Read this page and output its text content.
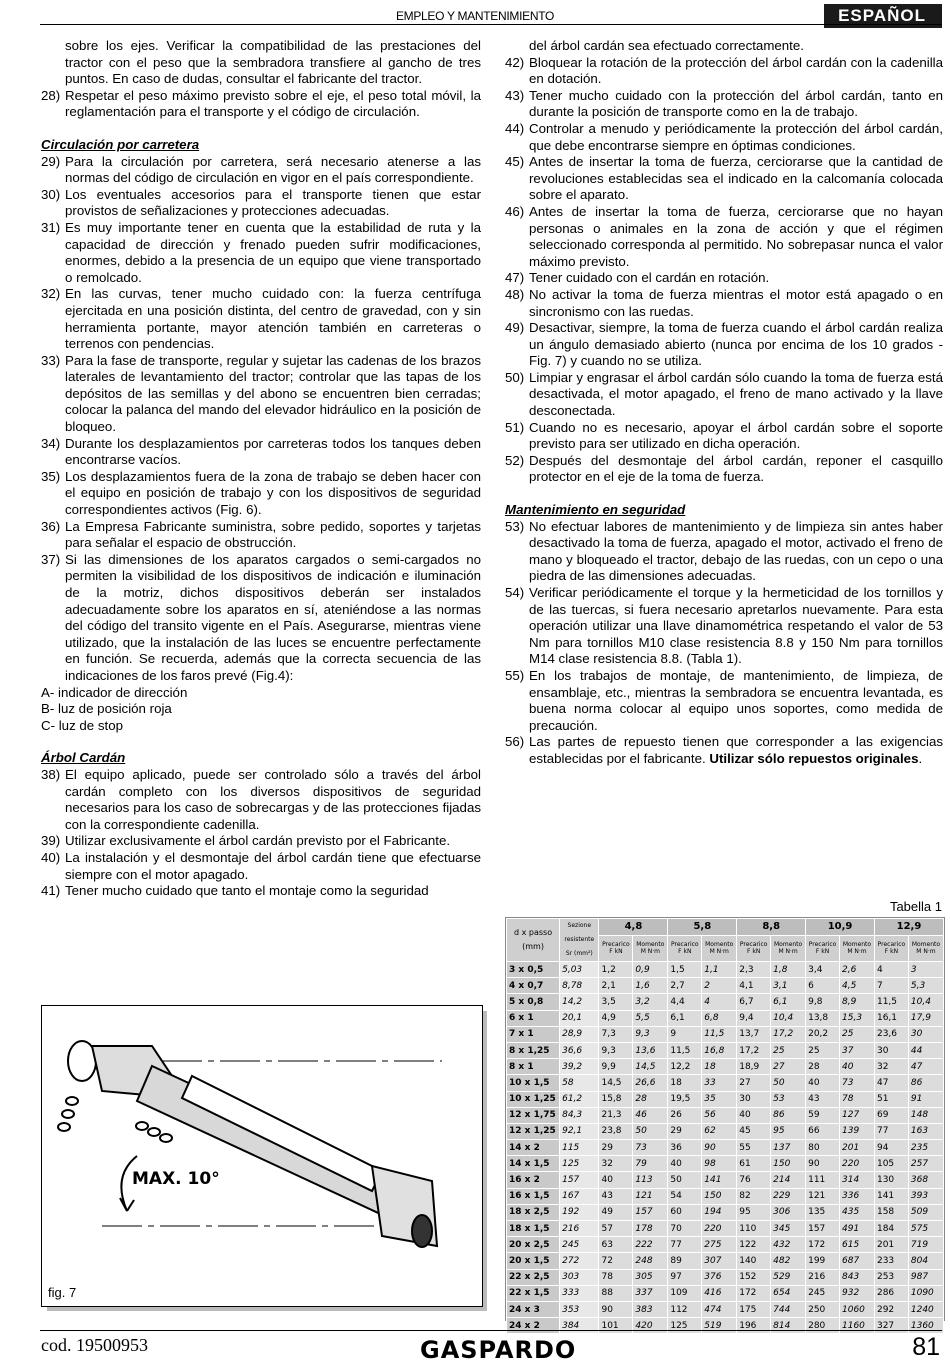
EMPLEO Y MANTENIMIENTO	ESPAÑOL
sobre los ejes. Verificar la compatibilidad de las prestaciones del tractor con el peso que la sembradora transfiere al gancho de tres puntos. En caso de dudas, consultar el fabricante del tractor.
28) Respetar el peso máximo previsto sobre el eje, el peso total móvil, la reglamentación para el transporte y el código de circulación.
Circulación por carretera
29) Para la circulación por carretera, será necesario atenerse a las normas del código de circulación en vigor en el país correspondiente.
30) Los eventuales accesorios para el transporte tienen que estar provistos de señalizaciones y protecciones adecuadas.
31) Es muy importante tener en cuenta que la estabilidad de ruta y la capacidad de dirección y frenado pueden sufrir modificaciones, enormes, debido a la presencia de un equipo que viene transportado o remolcado.
32) En las curvas, tener mucho cuidado con: la fuerza centrífuga ejercitada en una posición distinta, del centro de gravedad, con y sin herramienta portante, mayor atención también en carreteras o terrenos con pendencias.
33) Para la fase de transporte, regular y sujetar las cadenas de los brazos laterales de levantamiento del tractor; controlar que las tapas de los depósitos de las semillas y del abono se encuentren bien cerradas; colocar la palanca del mando del elevador hidráulico en la posición de bloqueo.
34) Durante los desplazamientos por carreteras todos los tanques deben encontrarse vacíos.
35) Los desplazamientos fuera de la zona de trabajo se deben hacer con el equipo en posición de trabajo y con los dispositivos de seguridad correspondientes activos (Fig. 6).
36) La Empresa Fabricante suministra, sobre pedido, soportes y tarjetas para señalar el espacio de obstrucción.
37) Si las dimensiones de los aparatos cargados o semi-cargados no permiten la visibilidad de los dispositivos de indicación e iluminación de la motriz, dichos dispositivos deberán ser instalados adecuadamente sobre los aparatos en sí, ateniéndose a las normas del código del transito vigente en el País. Asegurarse, mientras viene utilizado, que la instalación de las luces se encuentre perfectamente en función. Se recuerda, además que la correcta secuencia de las indicaciones de los faros prevé (Fig.4):
A- indicador de dirección
B- luz de posición roja
C- luz de stop
Árbol Cardán
38) El equipo aplicado, puede ser controlado sólo a través del árbol cardán completo con los diversos dispositivos de seguridad necesarios para los caso de sobrecargas y de las protecciones fijadas con la correspondiente cadenilla.
39) Utilizar exclusivamente el árbol cardán previsto por el Fabricante.
40) La instalación y el desmontaje del árbol cardán tiene que efectuarse siempre con el motor apagado.
41) Tener mucho cuidado que tanto el montaje como la seguridad
del árbol cardán sea efectuado correctamente.
42) Bloquear la rotación de la protección del árbol cardán con la cadenilla en dotación.
43) Tener mucho cuidado con la protección del árbol cardán, tanto en durante la posición de transporte como en la de trabajo.
44) Controlar a menudo y periódicamente la protección del árbol cardán, que debe encontrarse siempre en óptimas condiciones.
45) Antes de insertar la toma de fuerza, cerciorarse que la cantidad de revoluciones establecidas sea el indicado en la calcomanía colocada sobre el aparato.
46) Antes de insertar la toma de fuerza, cerciorarse que no hayan personas o animales en la zona de acción y que el régimen seleccionado corresponda al permitido. No sobrepasar nunca el valor máximo previsto.
47) Tener cuidado con el cardán en rotación.
48) No activar la toma de fuerza mientras el motor está apagado o en sincronismo con las ruedas.
49) Desactivar, siempre, la toma de fuerza cuando el árbol cardán realiza un ángulo demasiado abierto (nunca por encima de los 10 grados - Fig. 7) y cuando no se utiliza.
50) Limpiar y engrasar el árbol cardán sólo cuando la toma de fuerza está desactivada, el motor apagado, el freno de mano activado y la llave desconectada.
51) Cuando no es necesario, apoyar el árbol cardán sobre el soporte previsto para ser utilizado en dicha operación.
52) Después del desmontaje del árbol cardán, reponer el casquillo protector en el eje de la toma de fuerza.
Mantenimiento en seguridad
53) No efectuar labores de mantenimiento y de limpieza sin antes haber desactivado la toma de fuerza, apagado el motor, activado el freno de mano y bloqueado el tractor, debajo de las ruedas, con un cepo o una piedra de las dimensiones adecuadas.
54) Verificar periódicamente el torque y la hermeticidad de los tornillos y de las tuercas, si fuera necesario apretarlos nuevamente. Para esta operación utilizar una llave dinamométrica respetando el valor de 53 Nm para tornillos M10 clase resistencia 8.8 y 150 Nm para tornillos M14 clase resistencia 8.8. (Tabla 1).
55) En los trabajos de montaje, de mantenimiento, de limpieza, de ensamblaje, etc., mientras la sembradora se encuentra levantada, es buena norma colocar al equipo unos soportes, como medida de precaución.
56) Las partes de repuesto tienen que corresponder a las exigencias establecidas por el fabricante. Utilizar sólo repuestos originales.
MAX. 10°
fig. 7
Tabella 1
d x passo (mm)	Sezione resistente Sr (mm²)	4,8		5,8		8,8		10,9		12,9	
		Precarico F kN	Momento M N·m	Precarico F kN	Momento M N·m	Precarico F kN	Momento M N·m	Precarico F kN	Momento M N·m	Precarico F kN	Momento M N·m
3 x 0,5	5,03	1,2	0,9	1,5	1,1	2,3	1,8	3,4	2,6	4	3
4 x 0,7	8,78	2,1	1,6	2,7	2	4,1	3,1	6	4,5	7	5,3
5 x 0,8	14,2	3,5	3,2	4,4	4	6,7	6,1	9,8	8,9	11,5	10,4
6 x 1	20,1	4,9	5,5	6,1	6,8	9,4	10,4	13,8	15,3	16,1	17,9
7 x 1	28,9	7,3	9,3	9	11,5	13,7	17,2	20,2	25	23,6	30
8 x 1,25	36,6	9,3	13,6	11,5	16,8	17,2	25	25	37	30	44
8 x 1	39,2	9,9	14,5	12,2	18	18,9	27	28	40	32	47
10 x 1,5	58	14,5	26,6	18	33	27	50	40	73	47	86
10 x 1,25	61,2	15,8	28	19,5	35	30	53	43	78	51	91
12 x 1,75	84,3	21,3	46	26	56	40	86	59	127	69	148
12 x 1,25	92,1	23,8	50	29	62	45	95	66	139	77	163
14 x 2	115	29	73	36	90	55	137	80	201	94	235
14 x 1,5	125	32	79	40	98	61	150	90	220	105	257
16 x 2	157	40	113	50	141	76	214	111	314	130	368
16 x 1,5	167	43	121	54	150	82	229	121	336	141	393
18 x 2,5	192	49	157	60	194	95	306	135	435	158	509
18 x 1,5	216	57	178	70	220	110	345	157	491	184	575
20 x 2,5	245	63	222	77	275	122	432	172	615	201	719
20 x 1,5	272	72	248	89	307	140	482	199	687	233	804
22 x 2,5	303	78	305	97	376	152	529	216	843	253	987
22 x 1,5	333	88	337	109	416	172	654	245	932	286	1090
24 x 3	353	90	383	112	474	175	744	250	1060	292	1240
24 x 2	384	101	420	125	519	196	814	280	1160	327	1360
cod. 19500953	GASPARDO	81
